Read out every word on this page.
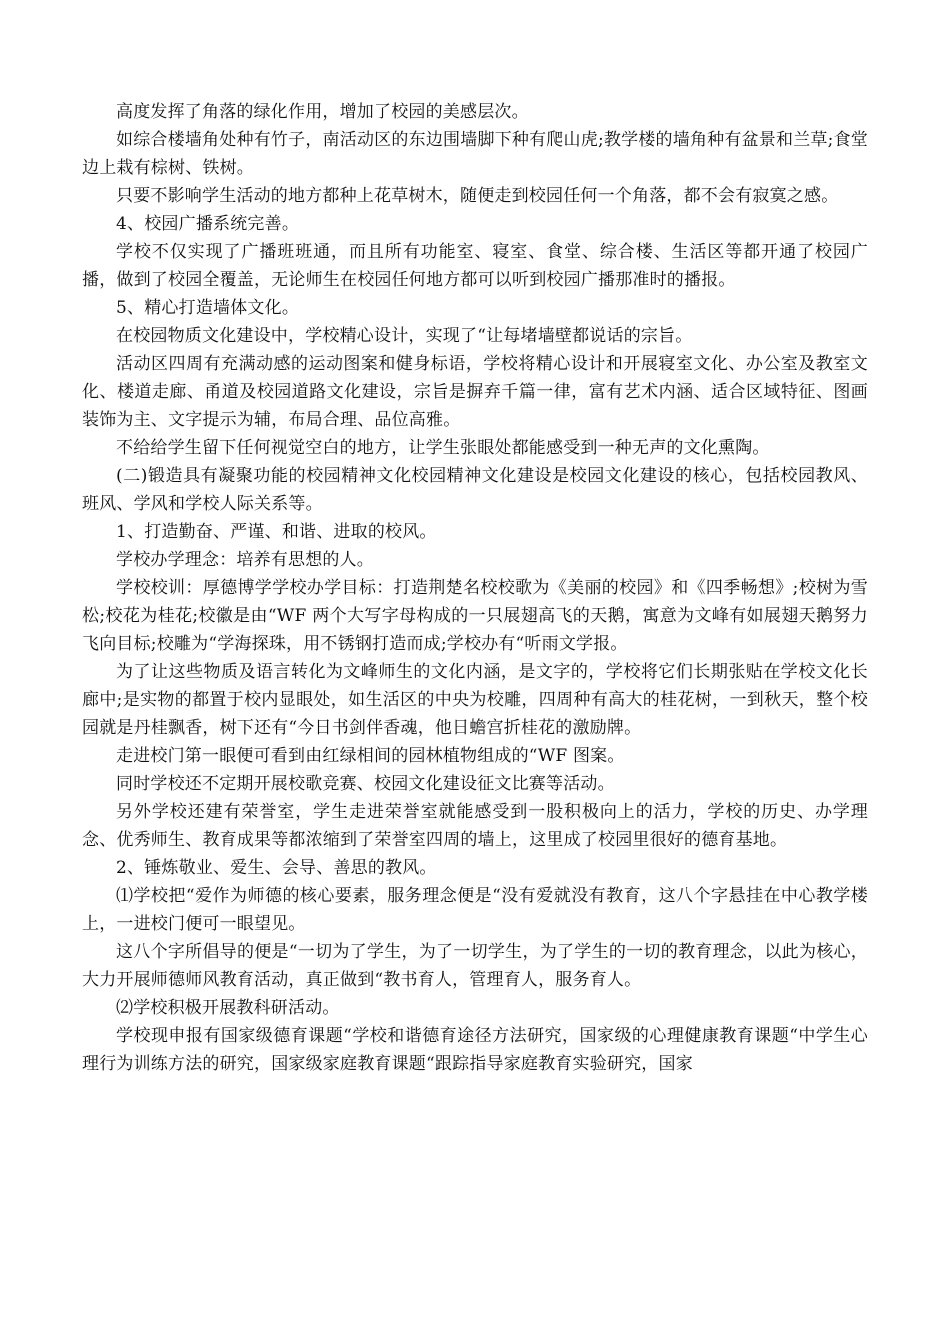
高度发挥了角落的绿化作用，增加了校园的美感层次。

如综合楼墙角处种有竹子，南活动区的东边围墙脚下种有爬山虎;教学楼的墙角种有盆景和兰草;食堂边上栽有棕树、铁树。

只要不影响学生活动的地方都种上花草树木，随便走到校园任何一个角落，都不会有寂寞之感。

4、校园广播系统完善。

学校不仅实现了广播班班通，而且所有功能室、寝室、食堂、综合楼、生活区等都开通了校园广播，做到了校园全覆盖，无论师生在校园任何地方都可以听到校园广播那准时的播报。

5、精心打造墙体文化。

在校园物质文化建设中，学校精心设计，实现了“让每堵墙壁都说话的宗旨。

活动区四周有充满动感的运动图案和健身标语，学校将精心设计和开展寝室文化、办公室及教室文化、楼道走廊、甬道及校园道路文化建设，宗旨是摒弃千篇一律，富有艺术内涵、适合区域特征、图画装饰为主、文字提示为辅，布局合理、品位高雅。

不给给学生留下任何视觉空白的地方，让学生张眼处都能感受到一种无声的文化熏陶。

(二)锻造具有凝聚功能的校园精神文化校园精神文化建设是校园文化建设的核心，包括校园教风、班风、学风和学校人际关系等。

1、打造勤奋、严谨、和谐、进取的校风。

学校办学理念：培养有思想的人。

学校校训：厚德博学学校办学目标：打造荆楚名校校歌为《美丽的校园》和《四季畅想》;校树为雪松;校花为桂花;校徽是由“WF 两个大写字母构成的一只展翅高飞的天鹅，寓意为文峰有如展翅天鹅努力飞向目标;校雕为“学海探珠，用不锈钢打造而成;学校办有“听雨文学报。

为了让这些物质及语言转化为文峰师生的文化内涵，是文字的，学校将它们长期张贴在学校文化长廊中;是实物的都置于校内显眼处，如生活区的中央为校雕，四周种有高大的桂花树，一到秋天，整个校园就是丹桂飘香，树下还有“今日书剑伴香魂，他日蟾宫折桂花的激励牌。

走进校门第一眼便可看到由红绿相间的园林植物组成的“WF 图案。

同时学校还不定期开展校歌竞赛、校园文化建设征文比赛等活动。

另外学校还建有荣誉室，学生走进荣誉室就能感受到一股积极向上的活力，学校的历史、办学理念、优秀师生、教育成果等都浓缩到了荣誉室四周的墙上，这里成了校园里很好的德育基地。

2、锤炼敬业、爱生、会导、善思的教风。

⑴学校把“爱作为师德的核心要素，服务理念便是“没有爱就没有教育，这八个字悬挂在中心教学楼上，一进校门便可一眼望见。

这八个字所倡导的便是“一切为了学生，为了一切学生，为了学生的一切的教育理念，以此为核心，大力开展师德师风教育活动，真正做到“教书育人，管理育人，服务育人。

⑵学校积极开展教科研活动。

学校现申报有国家级德育课题“学校和谐德育途径方法研究，国家级的心理健康教育课题“中学生心理行为训练方法的研究，国家级家庭教育课题“跟踪指导家庭教育实验研究，国家
